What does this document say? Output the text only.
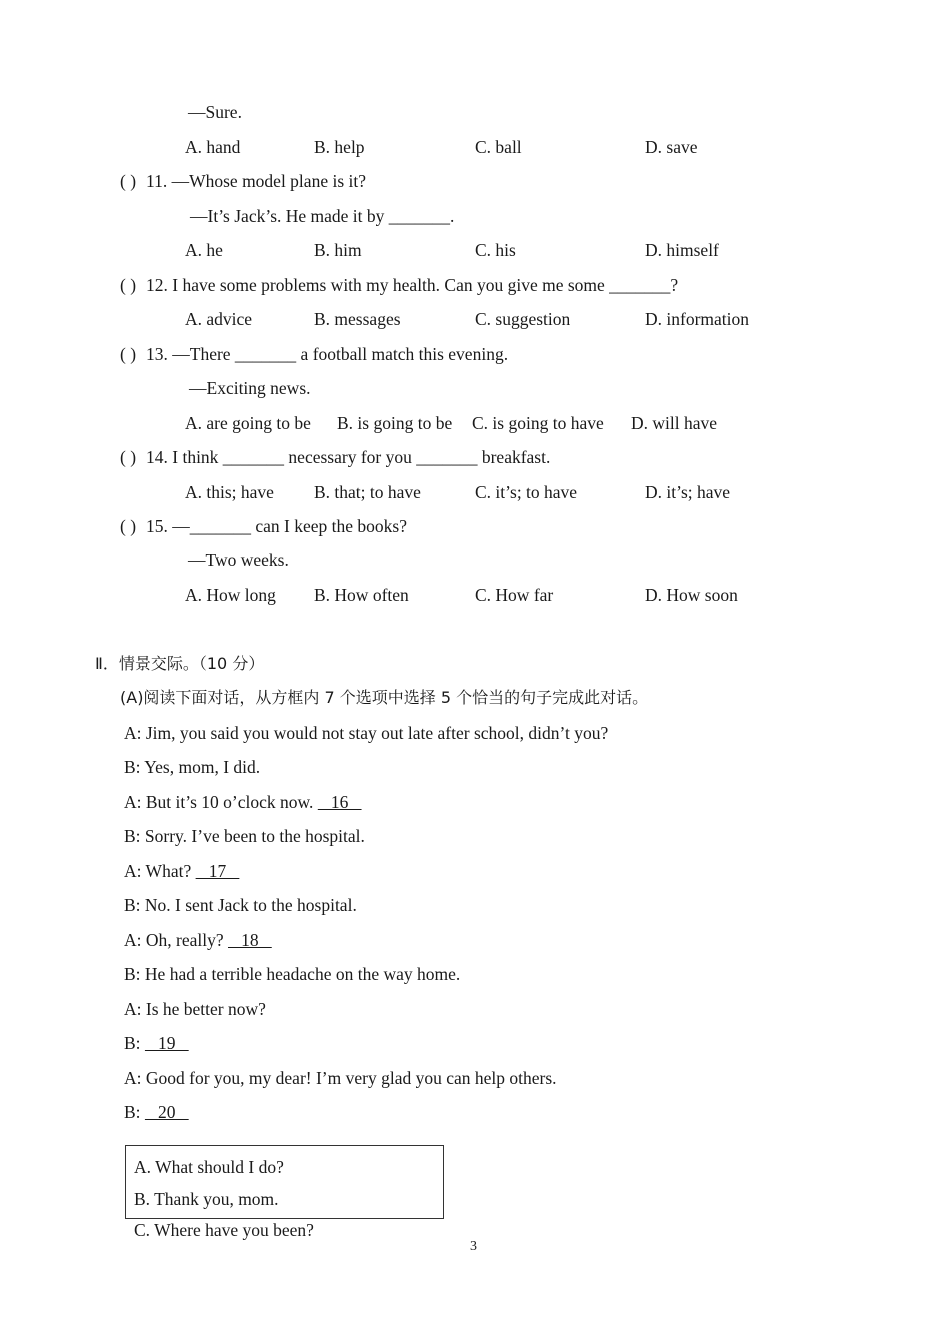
—Sure.
A. hand	B. help	C. ball	D. save
( ) 11. —Whose model plane is it?
—It’s Jack’s. He made it by _______.
A. he	B. him	C. his	D. himself
( ) 12. I have some problems with my health. Can you give me some _______?
A. advice	B. messages	C. suggestion	D. information
( ) 13. —There _______ a football match this evening.
—Exciting news.
A. are going to be B. is going to be C. is going to have D. will have
( ) 14. I think _______ necessary for you _______ breakfast.
A. this; have B. that; to have	C. it’s; to have	D. it’s; have
( ) 15. —_______ can I keep the books?
—Two weeks.
A. How long B. How often	C. How far	D. How soon
Ⅱ．情景交际。（10 分）
(A)阅读下面对话，从方框内 7 个选项中选择 5 个恰当的句子完成此对话。
A: Jim, you said you would not stay out late after school, didn’t you?
B: Yes, mom, I did.
A: But it’s 10 o’clock now.    16
B: Sorry. I’ve been to the hospital.
A: What?    17
B: No. I sent Jack to the hospital.
A: Oh, really?    18
B: He had a terrible headache on the way home.
A: Is he better now?
B:    19
A: Good for you, my dear! I’m very glad you can help others.
B:    20
A. What should I do?
B. Thank you, mom.
C. Where have you been?
3
